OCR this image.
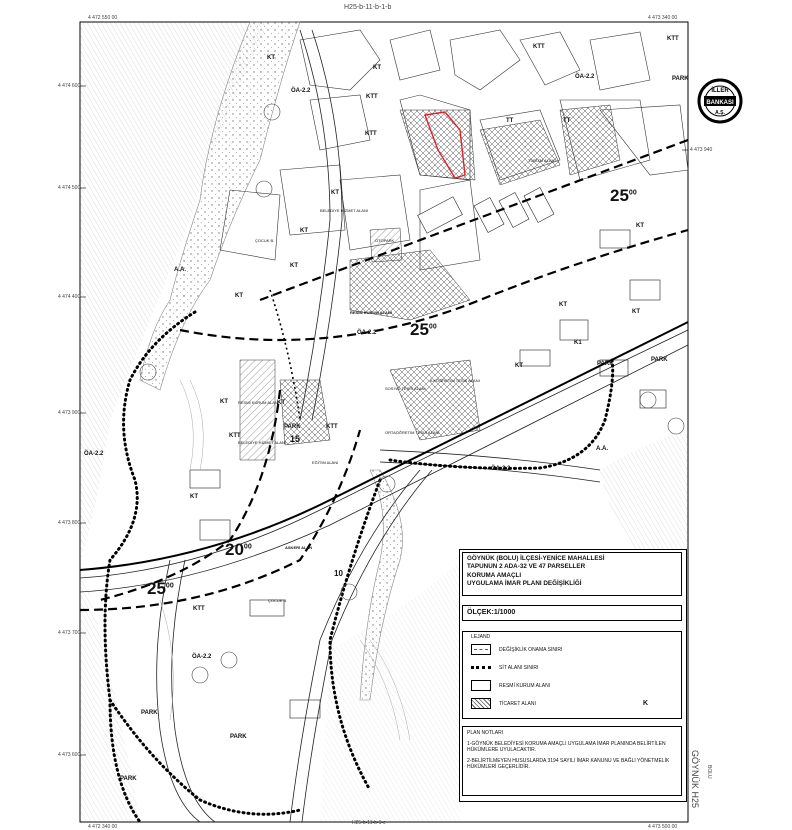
H25-b-11-b-1-b
H25-b-11-b-1-c
GÖYNÜK H25 BOLU
4 472 550 00	4 473 340 00
4 472 340 00	4 473 500 00
4 474 600
4 474 500
4 474 400
4 473 900
4 473 800
4 473 700
4 473 600
4 473 940
$25^{00}$
$25^{00}$
$20^{00}$
$25^{00}$
KT
KTT
KTT
KT
ÖA-2.2
ÖA-2.2
KTT
PARK
TT	TT
KTT
KT
KT
KT
A.A.
KT
KT
KT
KT
ÖA-2.2
K1
KT	PARK
PARK
KT	KT
PARK	KTT
15
KTT
A.A.
ÖA-2.2
ÖA-2.2
KT
10
KTT
ÖA-2.2
PARK
PARK
PARK
RESMİ KURUM ALANI
RESMİ KURUM ALANI
BELEDİYE HİZMET ALANI
BELEDİYE HİZMET ALANI
SOSYAL TESİS ALANI
İLKÖĞRETİM TESİS ALANI
ORTAÖĞRETİM TESİS ALANI
EĞİTİM ALANI
ASKERİ ALAN
OTOPARK
TURİZM ALANI
ÇOCUK B.
ÇOCUK B.
İLLER
BANKASI
A.Ş.
GÖYNÜK (BOLU) İLÇESİ-YENİCE MAHALLESİ
TAPUNUN 2 ADA-32 VE 47 PARSELLER
KORUMA AMAÇLI
UYGULAMA İMAR PLANI DEĞİŞİKLİĞİ
ÖLÇEK:1/1000
LEJAND
DEĞİŞİKLİK ONAMA SINIRI
SİT ALANI SINIRI
RESMİ KURUM ALANI
TİCARET ALANI	K

PLAN NOTLARI

1-GÖYNÜK BELEDİYESİ KORUMA AMAÇLI UYGULAMA İMAR PLANINDA BELİRTİLEN HÜKÜMLERE UYULACAKTIR.

2-BELİRTİLMEYEN HUSUSLARDA 3194 SAYILI İMAR KANUNU VE BAĞLI YÖNETMELİK HÜKÜMLERİ GEÇERLİDİR.
